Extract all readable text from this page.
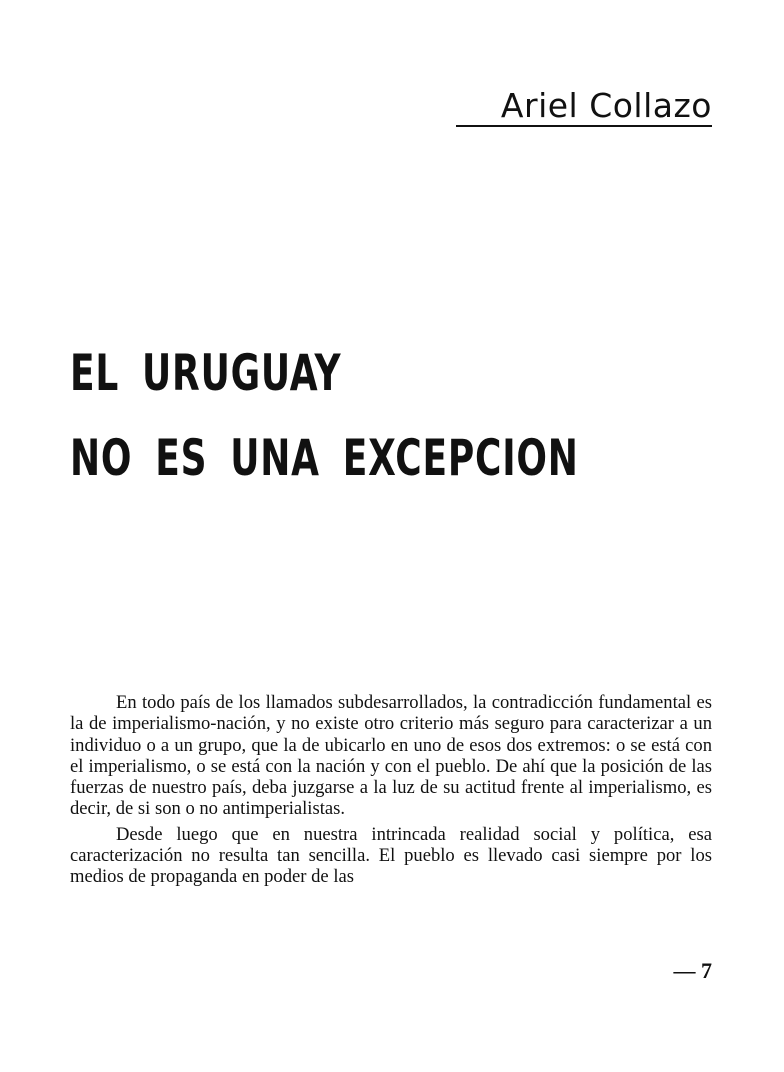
Ariel Collazo
EL URUGUAY
NO ES UNA EXCEPCION

En todo país de los llamados subdesarrollados, la contradicción fundamental es la de imperialismo-nación, y no existe otro criterio más seguro para caracterizar a un individuo o a un grupo, que la de ubicarlo en uno de esos dos extremos: o se está con el imperialismo, o se está con la nación y con el pueblo. De ahí que la posición de las fuerzas de nuestro país, deba juzgarse a la luz de su actitud frente al imperialismo, es decir, de si son o no antimperialistas.

Desde luego que en nuestra intrincada realidad social y política, esa caracterización no resulta tan sencilla. El pueblo es llevado casi siempre por los medios de propaganda en poder de las

— 7
